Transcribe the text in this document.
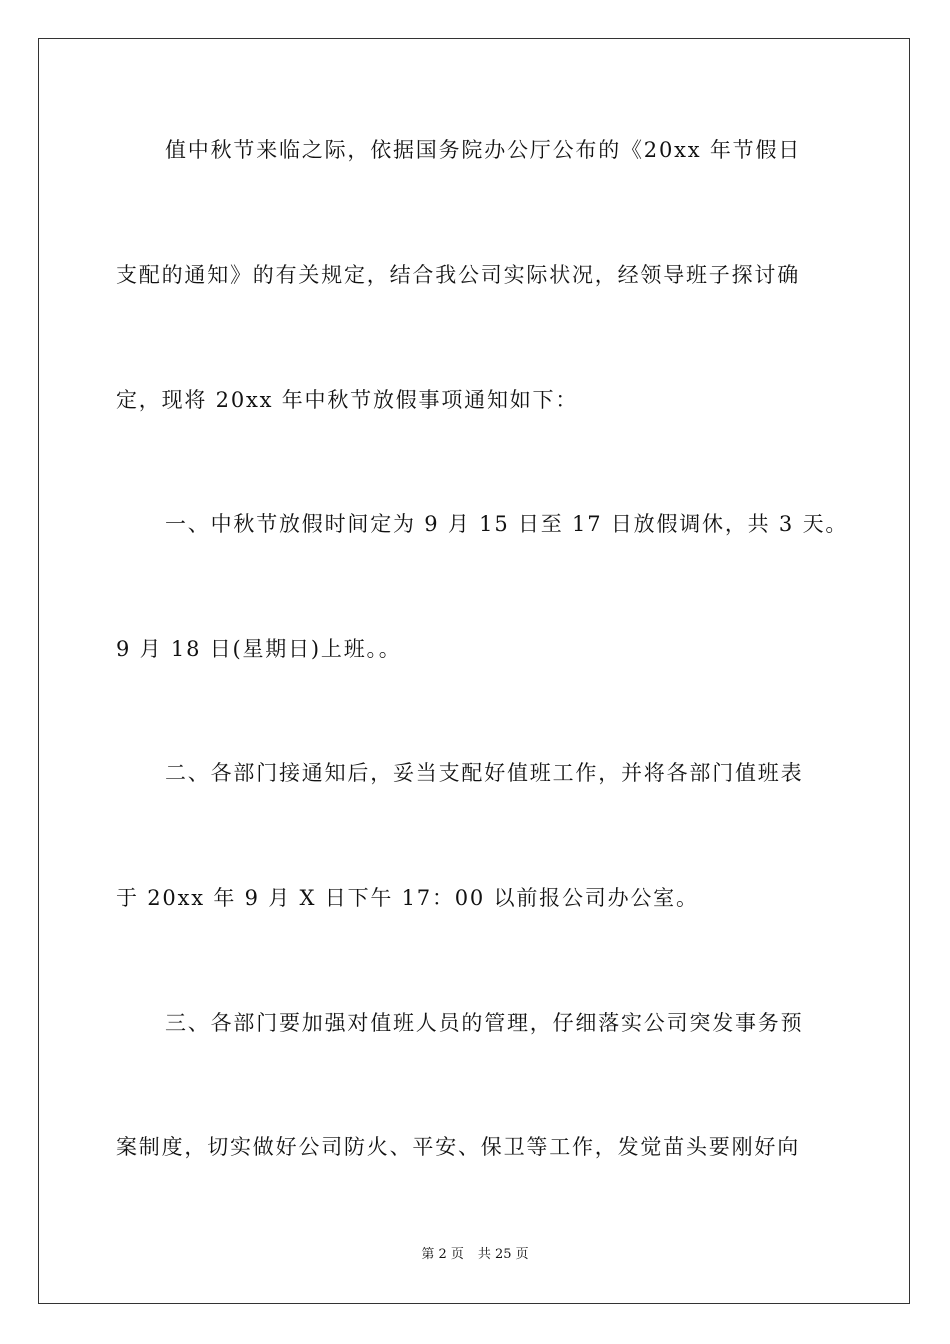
值中秋节来临之际，依据国务院办公厅公布的《20xx 年节假日
支配的通知》的有关规定，结合我公司实际状况，经领导班子探讨确
定，现将 20xx 年中秋节放假事项通知如下：
一、中秋节放假时间定为 9 月 15 日至 17 日放假调休，共 3 天。
9 月 18 日(星期日)上班。。
二、各部门接通知后，妥当支配好值班工作，并将各部门值班表
于 20xx 年 9 月 X 日下午 17：00 以前报公司办公室。
三、各部门要加强对值班人员的管理，仔细落实公司突发事务预
案制度，切实做好公司防火、平安、保卫等工作，发觉苗头要刚好向
第 2 页 共 25 页
